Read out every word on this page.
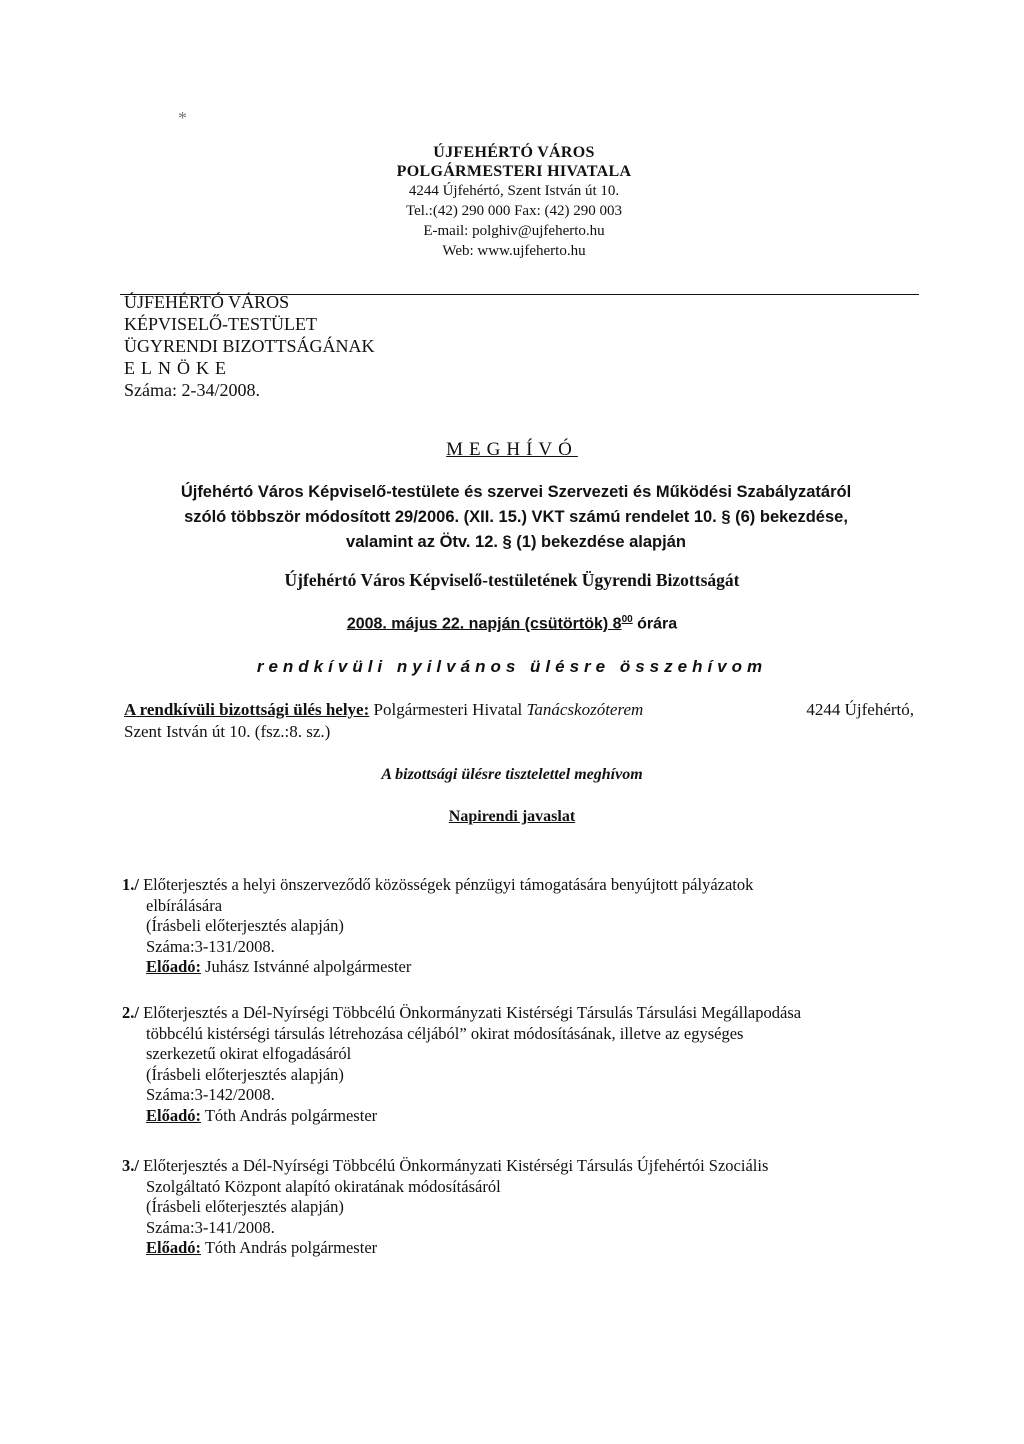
*
ÚJFEHÉRTÓ VÁROS
POLGÁRMESTERI HIVATALA
4244 Újfehértó, Szent István út 10.
Tel.:(42) 290 000 Fax: (42) 290 003
E-mail: polghiv@ujfeherto.hu
Web: www.ujfeherto.hu
ÚJFEHÉRTÓ VÁROS
KÉPVISELŐ-TESTÜLET
ÜGYRENDI BIZOTTSÁGÁNAK
ELNÖKE
Száma: 2-34/2008.
MEGHÍVÓ
Újfehértó Város Képviselő-testülete és szervei Szervezeti és Működési Szabályzatáról
szóló többször módosított 29/2006. (XII. 15.) VKT számú rendelet 10. § (6) bekezdése,
valamint az Ötv. 12. § (1) bekezdése alapján
Újfehértó Város Képviselő-testületének Ügyrendi Bizottságát
2008. május 22. napján (csütörtök) $8^{00}$ órára
rendkívüli nyilvános ülésre összehívom
A rendkívüli bizottsági ülés helye: Polgármesteri Hivatal Tanácskozóterem	4244 Újfehértó,
Szent István út 10. (fsz.:8. sz.)
A bizottsági ülésre tisztelettel meghívom
Napirendi javaslat
1./ Előterjesztés a helyi önszerveződő közösségek pénzügyi támogatására benyújtott pályázatok
elbírálására
(Írásbeli előterjesztés alapján)
Száma:3-131/2008.
Előadó: Juhász Istvánné alpolgármester
2./ Előterjesztés a Dél-Nyírségi Többcélú Önkormányzati Kistérségi Társulás Társulási Megállapodása
többcélú kistérségi társulás létrehozása céljából” okirat módosításának, illetve az egységes
szerkezetű okirat elfogadásáról
(Írásbeli előterjesztés alapján)
Száma:3-142/2008.
Előadó: Tóth András polgármester
3./ Előterjesztés a Dél-Nyírségi Többcélú Önkormányzati Kistérségi Társulás Újfehértói Szociális
Szolgáltató Központ alapító okiratának módosításáról
(Írásbeli előterjesztés alapján)
Száma:3-141/2008.
Előadó: Tóth András polgármester
